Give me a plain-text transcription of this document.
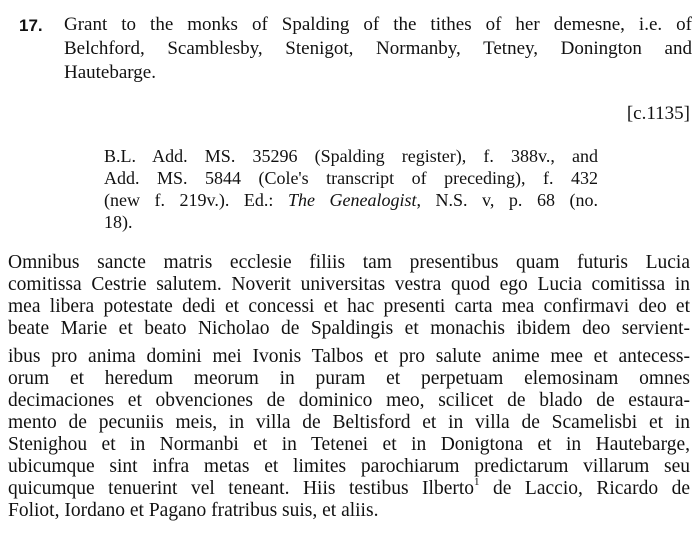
17. Grant to the monks of Spalding of the tithes of her demesne, i.e. of
Belchford, Scamblesby, Stenigot, Normanby, Tetney, Donington and
Hautebarge.
[c.1135]
B.L. Add. MS. 35296 (Spalding register), f. 388v., and
Add. MS. 5844 (Cole's transcript of preceding), f. 432
(new f. 219v.). Ed.: The Genealogist, N.S. v, p. 68 (no.
18).
Omnibus sancte matris ecclesie filiis tam presentibus quam futuris Lucia
comitissa Cestrie salutem. Noverit universitas vestra quod ego Lucia comitissa in
mea libera potestate dedi et concessi et hac presenti carta mea confirmavi deo et
beate Marie et beato Nicholao de Spaldingis et monachis ibidem deo servient-
ibus pro anima domini mei Ivonis Talbos et pro salute anime mee et antecess-
orum et heredum meorum in puram et perpetuam elemosinam omnes
decimaciones et obvenciones de dominico meo, scilicet de blado de estaura-
mento de pecuniis meis, in villa de Beltisford et in villa de Scamelisbi et in
Stenighou et in Normanbi et in Tetenei et in Donigtona et in Hautebarge,
ubicumque sint infra metas et limites parochiarum predictarum villarum seu
quicumque tenuerint vel teneant. Hiis testibus Ilberto$^1$ de Laccio, Ricardo de
Foliot, Iordano et Pagano fratribus suis, et aliis.
